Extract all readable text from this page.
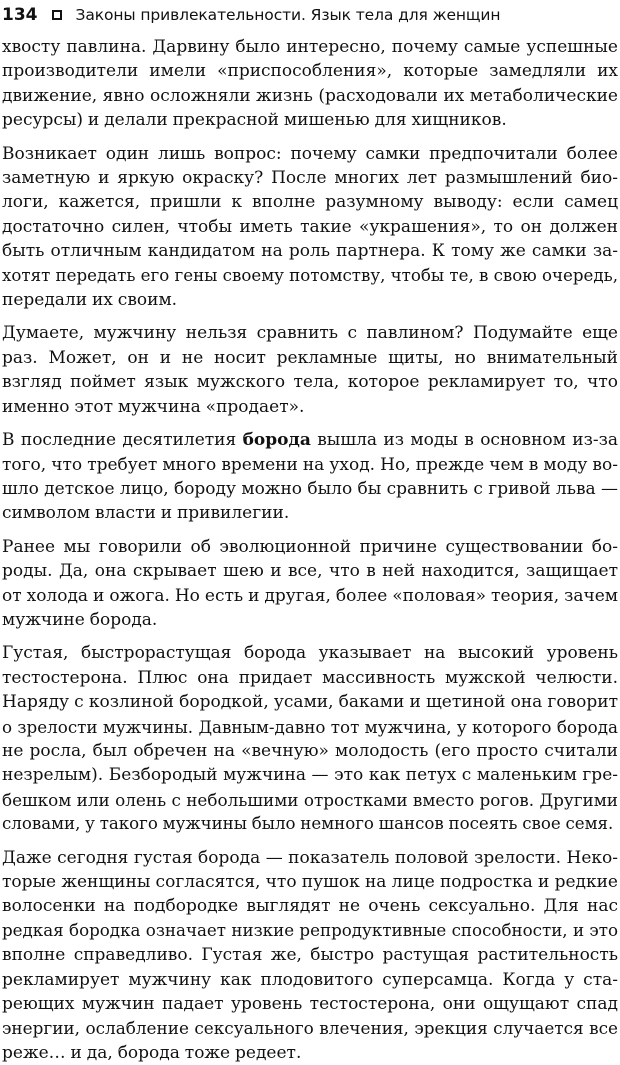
134 Законы привлекательности. Язык тела для женщин
хвосту павлина. Дарвину было интересно, почему самые успешные
производители имели «приспособления», которые замедляли их
движение, явно осложняли жизнь (расходовали их метаболические
ресурсы) и делали прекрасной мишенью для хищников.
Возникает один лишь вопрос: почему самки предпочитали более
заметную и яркую окраску? После многих лет размышлений био-
логи, кажется, пришли к вполне разумному выводу: если самец
достаточно силен, чтобы иметь такие «украшения», то он должен
быть отличным кандидатом на роль партнера. К тому же самки за-
хотят передать его гены своему потомству, чтобы те, в свою очередь,
передали их своим.
Думаете, мужчину нельзя сравнить с павлином? Подумайте еще
раз. Может, он и не носит рекламные щиты, но внимательный
взгляд поймет язык мужского тела, которое рекламирует то, что
именно этот мужчина «продает».
В последние десятилетия борода вышла из моды в основном из-за
того, что требует много времени на уход. Но, прежде чем в моду во-
шло детское лицо, бороду можно было бы сравнить с гривой льва —
символом власти и привилегии.
Ранее мы говорили об эволюционной причине существовании бо-
роды. Да, она скрывает шею и все, что в ней находится, защищает
от холода и ожога. Но есть и другая, более «половая» теория, зачем
мужчине борода.
Густая, быстрорастущая борода указывает на высокий уровень
тестостерона. Плюс она придает массивность мужской челюсти.
Наряду с козлиной бородкой, усами, баками и щетиной она говорит
о зрелости мужчины. Давным-давно тот мужчина, у которого борода
не росла, был обречен на «вечную» молодость (его просто считали
незрелым). Безбородый мужчина — это как петух с маленьким гре-
бешком или олень с небольшими отростками вместо рогов. Другими
словами, у такого мужчины было немного шансов посеять свое семя.
Даже сегодня густая борода — показатель половой зрелости. Неко-
торые женщины согласятся, что пушок на лице подростка и редкие
волосенки на подбородке выглядят не очень сексуально. Для нас
редкая бородка означает низкие репродуктивные способности, и это
вполне справедливо. Густая же, быстро растущая растительность
рекламирует мужчину как плодовитого суперсамца. Когда у ста-
реющих мужчин падает уровень тестостерона, они ощущают спад
энергии, ослабление сексуального влечения, эрекция случается все
реже… и да, борода тоже редеет.
